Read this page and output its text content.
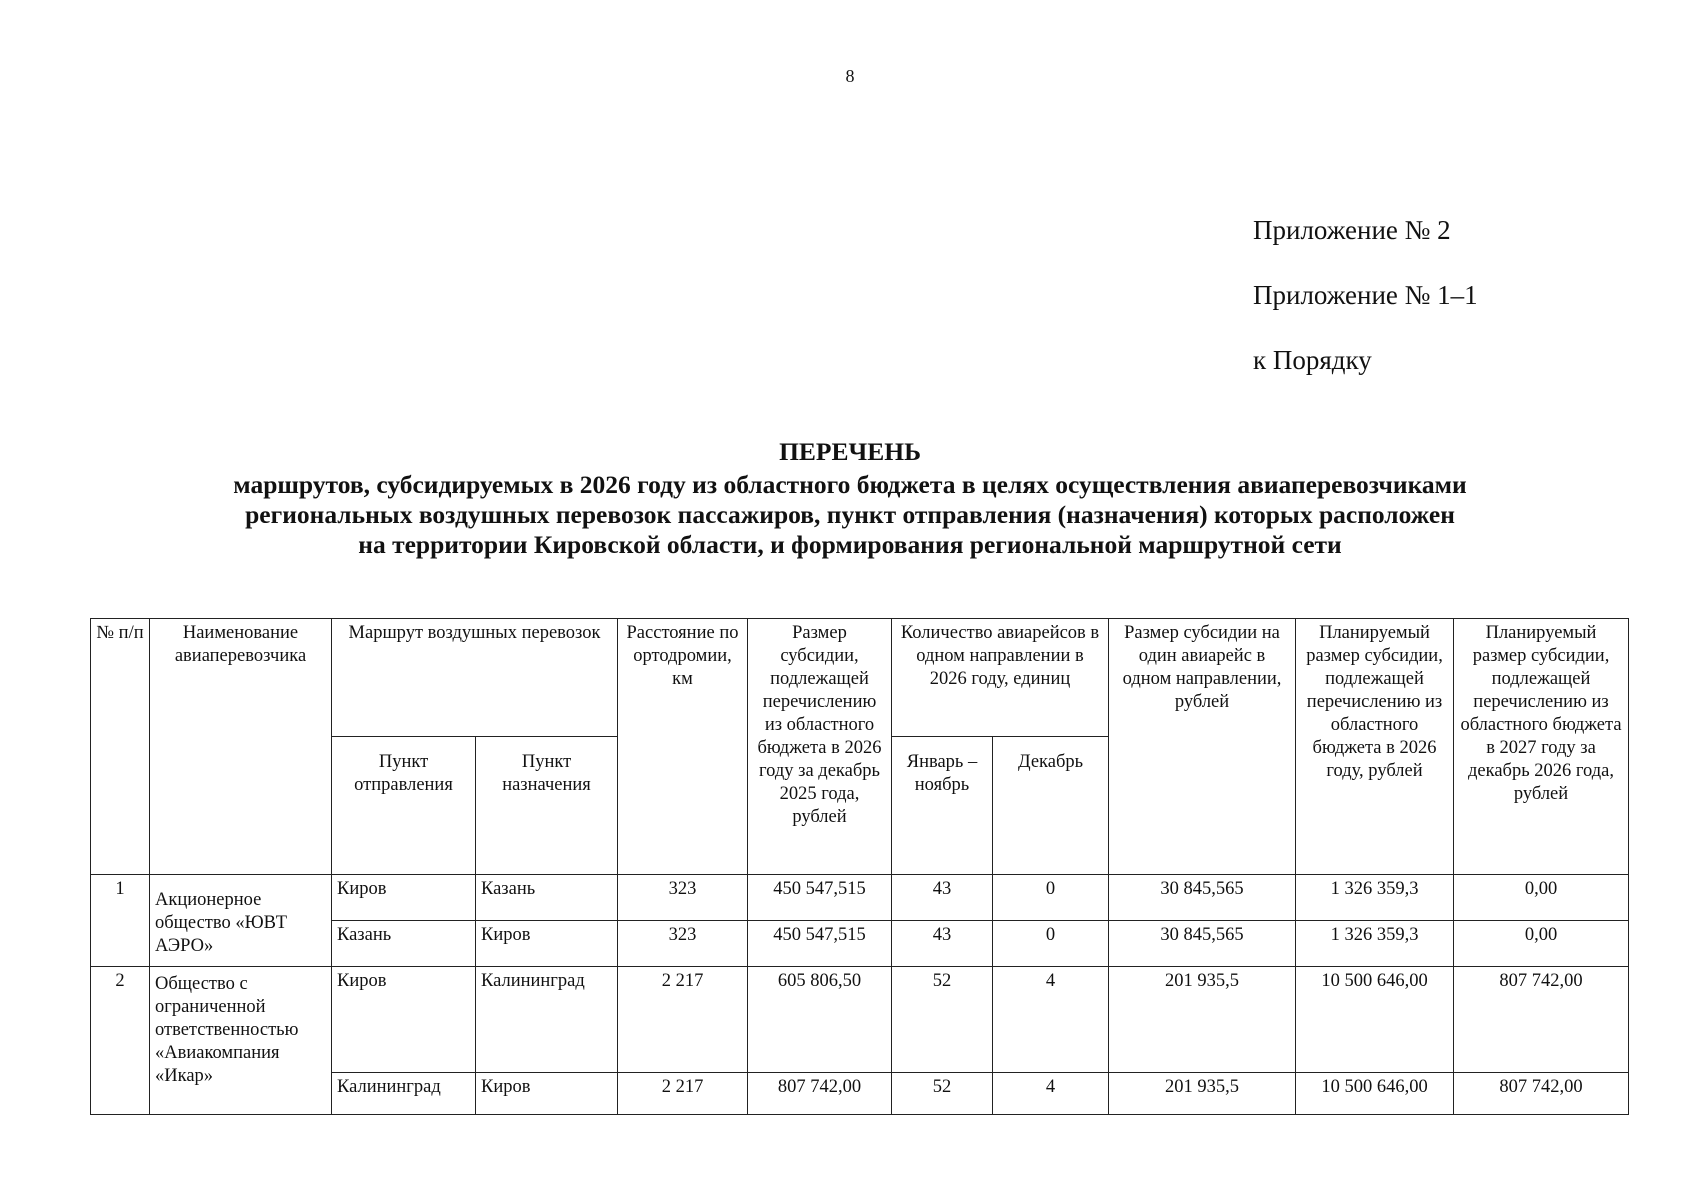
8
Приложение № 2
Приложение № 1–1
к Порядку
ПЕРЕЧЕНЬ
маршрутов, субсидируемых в 2026 году из областного бюджета в целях осуществления авиаперевозчиками
региональных воздушных перевозок пассажиров, пункт отправления (назначения) которых расположен
на территории Кировской области, и формирования региональной маршрутной сети
№ п/п	Наименование авиаперевозчика	Маршрут воздушных перевозок		Расстояние по ортодромии, км	Размер субсидии, подлежащей перечислению из областного бюджета в 2026 году за декабрь 2025 года, рублей	Количество авиарейсов в одном направлении в 2026 году, единиц		Размер субсидии на один авиарейс в одном направлении, рублей	Планируемый размер субсидии, подлежащей перечислению из областного бюджета в 2026 году, рублей	Планируемый размер субсидии, подлежащей перечислению из областного бюджета в 2027 году за декабрь 2026 года, рублей
		Пункт отправления	Пункт назначения			Январь – ноябрь	Декабрь			
1	Акционерное общество «ЮВТ АЭРО»	Киров	Казань	323	450 547,515	43	0	30 845,565	1 326 359,3	0,00
		Казань	Киров	323	450 547,515	43	0	30 845,565	1 326 359,3	0,00
2	Общество с ограниченной ответственностью «Авиакомпания «Икар»	Киров	Калининград	2 217	605 806,50	52	4	201 935,5	10 500 646,00	807 742,00
		Калининград	Киров	2 217	807 742,00	52	4	201 935,5	10 500 646,00	807 742,00
